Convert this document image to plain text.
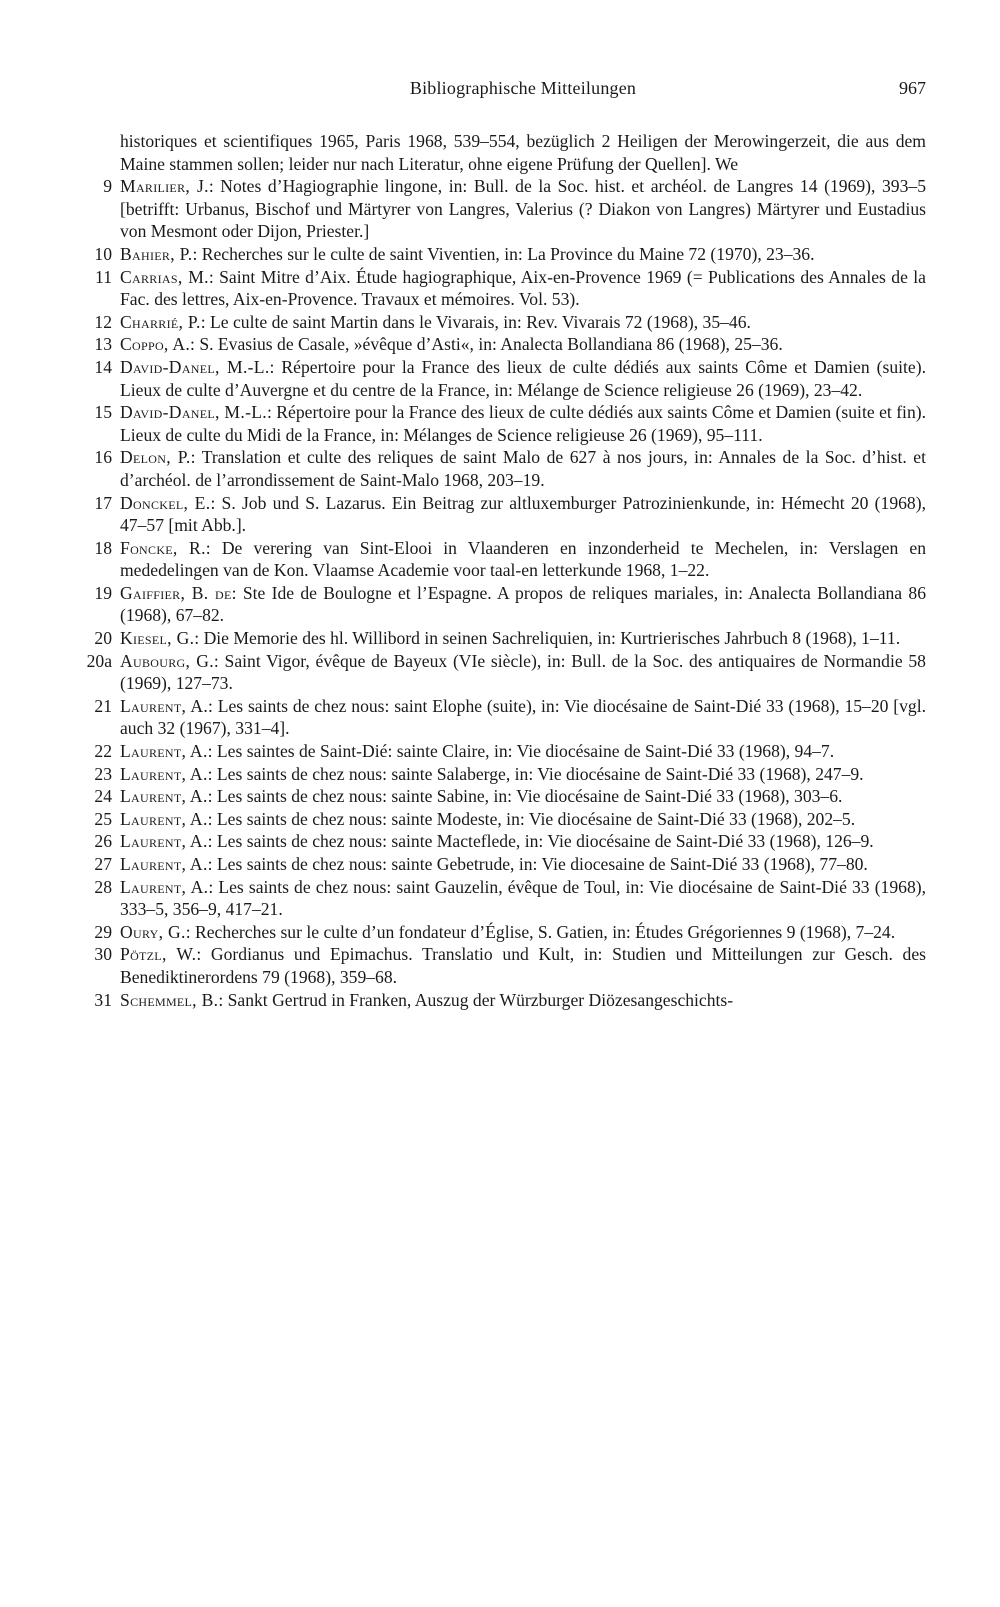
Bibliographische Mitteilungen	967

historiques et scientifiques 1965, Paris 1968, 539–554, bezüglich 2 Heiligen der Merowingerzeit, die aus dem Maine stammen sollen; leider nur nach Literatur, ohne eigene Prüfung der Quellen]. We

9 Marilier, J.: Notes d’Hagiographie lingone, in: Bull. de la Soc. hist. et archéol. de Langres 14 (1969), 393–5 [betrifft: Urbanus, Bischof und Märtyrer von Langres, Valerius (? Diakon von Langres) Märtyrer und Eustadius von Mesmont oder Dijon, Priester.]
10 Bahier, P.: Recherches sur le culte de saint Viventien, in: La Province du Maine 72 (1970), 23–36.
11 Carrias, M.: Saint Mitre d’Aix. Étude hagiographique, Aix-en-Provence 1969 (= Publications des Annales de la Fac. des lettres, Aix-en-Provence. Travaux et mémoires. Vol. 53).
12 Charrié, P.: Le culte de saint Martin dans le Vivarais, in: Rev. Vivarais 72 (1968), 35–46.
13 Coppo, A.: S. Evasius de Casale, »évêque d’Asti«, in: Analecta Bollandiana 86 (1968), 25–36.
14 David-Danel, M.-L.: Répertoire pour la France des lieux de culte dédiés aux saints Côme et Damien (suite). Lieux de culte d’Auvergne et du centre de la France, in: Mélange de Science religieuse 26 (1969), 23–42.
15 David-Danel, M.-L.: Répertoire pour la France des lieux de culte dédiés aux saints Côme et Damien (suite et fin). Lieux de culte du Midi de la France, in: Mélanges de Science religieuse 26 (1969), 95–111.
16 Delon, P.: Translation et culte des reliques de saint Malo de 627 à nos jours, in: Annales de la Soc. d’hist. et d’archéol. de l’arrondissement de Saint-Malo 1968, 203–19.
17 Donckel, E.: S. Job und S. Lazarus. Ein Beitrag zur altluxemburger Patrozinienkunde, in: Hémecht 20 (1968), 47–57 [mit Abb.].
18 Foncke, R.: De verering van Sint-Elooi in Vlaanderen en inzonderheid te Mechelen, in: Verslagen en mededelingen van de Kon. Vlaamse Academie voor taal-en letterkunde 1968, 1–22.
19 Gaiffier, B. de: Ste Ide de Boulogne et l’Espagne. A propos de reliques mariales, in: Analecta Bollandiana 86 (1968), 67–82.
20 Kiesel, G.: Die Memorie des hl. Willibord in seinen Sachreliquien, in: Kurtrierisches Jahrbuch 8 (1968), 1–11.
20a Aubourg, G.: Saint Vigor, évêque de Bayeux (VIe siècle), in: Bull. de la Soc. des antiquaires de Normandie 58 (1969), 127–73.
21 Laurent, A.: Les saints de chez nous: saint Elophe (suite), in: Vie diocésaine de Saint-Dié 33 (1968), 15–20 [vgl. auch 32 (1967), 331–4].
22 Laurent, A.: Les saintes de Saint-Dié: sainte Claire, in: Vie diocésaine de Saint-Dié 33 (1968), 94–7.
23 Laurent, A.: Les saints de chez nous: sainte Salaberge, in: Vie diocésaine de Saint-Dié 33 (1968), 247–9.
24 Laurent, A.: Les saints de chez nous: sainte Sabine, in: Vie diocésaine de Saint-Dié 33 (1968), 303–6.
25 Laurent, A.: Les saints de chez nous: sainte Modeste, in: Vie diocésaine de Saint-Dié 33 (1968), 202–5.
26 Laurent, A.: Les saints de chez nous: sainte Macteflede, in: Vie diocésaine de Saint-Dié 33 (1968), 126–9.
27 Laurent, A.: Les saints de chez nous: sainte Gebetrude, in: Vie diocesaine de Saint-Dié 33 (1968), 77–80.
28 Laurent, A.: Les saints de chez nous: saint Gauzelin, évêque de Toul, in: Vie diocésaine de Saint-Dié 33 (1968), 333–5, 356–9, 417–21.
29 Oury, G.: Recherches sur le culte d’un fondateur d’Église, S. Gatien, in: Études Grégoriennes 9 (1968), 7–24.
30 Pötzl, W.: Gordianus und Epimachus. Translatio und Kult, in: Studien und Mitteilungen zur Gesch. des Benediktinerordens 79 (1968), 359–68.
31 Schemmel, B.: Sankt Gertrud in Franken, Auszug der Würzburger Diözesangeschichts-
